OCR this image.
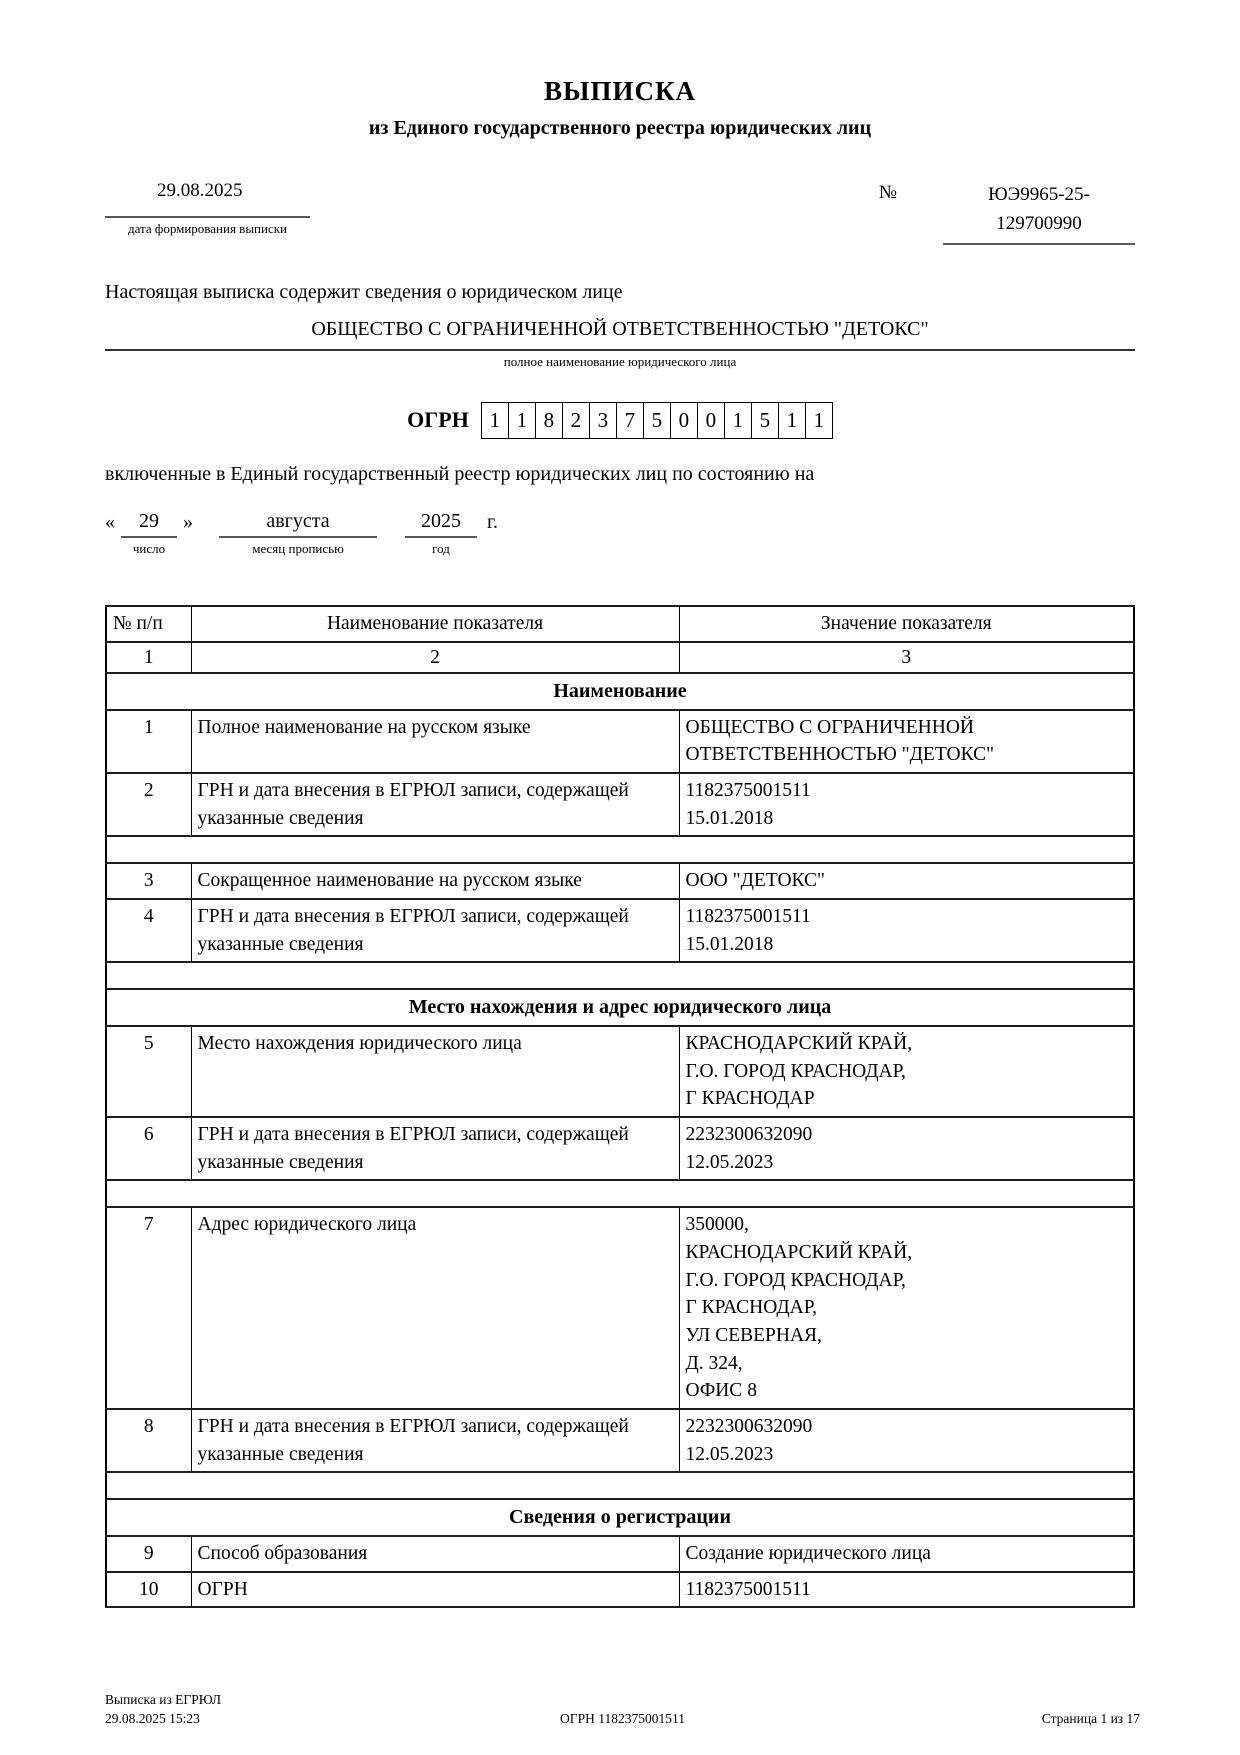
ВЫПИСКА
из Единого государственного реестра юридических лиц
29.08.2025
дата формирования выписки
№	ЮЭ9965-25-
129700990
Настоящая выписка содержит сведения о юридическом лице
ОБЩЕСТВО С ОГРАНИЧЕННОЙ ОТВЕТСТВЕННОСТЬЮ "ДЕТОКС"
полное наименование юридического лица
ОГРН 1 1 8 2 3 7 5 0 0 1 5 1 1
включенные в Единый государственный реестр юридических лиц по состоянию на
«	29
число
»	августа
месяц прописью
2025
год
г.
№ п/п	Наименование показателя	Значение показателя
1	2	3
Наименование		
1	Полное наименование на русском языке	ОБЩЕСТВО С ОГРАНИЧЕННОЙ
ОТВЕТСТВЕННОСТЬЮ "ДЕТОКС"

2	ГРН и дата внесения в ЕГРЮЛ записи, содержащей указанные сведения	1182375001511
15.01.2018

3	Сокращенное наименование на русском языке	ООО "ДЕТОКС"

4	ГРН и дата внесения в ЕГРЮЛ записи, содержащей указанные сведения	1182375001511
15.01.2018

Место нахождения и адрес юридического лица		
5	Место нахождения юридического лица	КРАСНОДАРСКИЙ КРАЙ,
Г.О. ГОРОД КРАСНОДАР,
Г КРАСНОДАР

6	ГРН и дата внесения в ЕГРЮЛ записи, содержащей указанные сведения	2232300632090
12.05.2023

7	Адрес юридического лица	350000,
КРАСНОДАРСКИЙ КРАЙ,
Г.О. ГОРОД КРАСНОДАР,
Г КРАСНОДАР,
УЛ СЕВЕРНАЯ,
Д. 324,
ОФИС 8

8	ГРН и дата внесения в ЕГРЮЛ записи, содержащей указанные сведения	2232300632090
12.05.2023

Сведения о регистрации		
9	Способ образования	Создание юридического лица

10	ОГРН	1182375001511
Выписка из ЕГРЮЛ
29.08.2025 15:23	ОГРН 1182375001511	Страница 1 из 17
